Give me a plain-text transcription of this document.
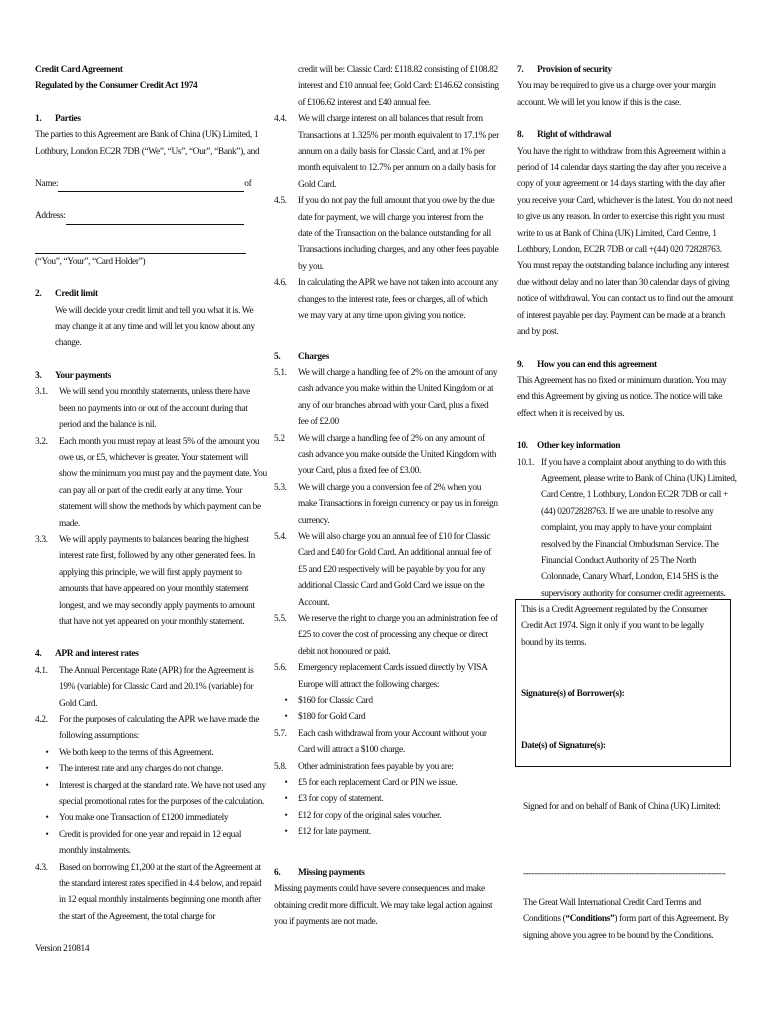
Credit Card Agreement

Regulated by the Consumer Credit Act 1974

1.	Parties

The parties to this Agreement are Bank of China (UK) Limited, 1 Lothbury, London EC2R 7DB (“We”, “Us”, “Our”, “Bank”), and

Name:	of
Address:

(“You”, “Your”, “Card Holder”)

2.	Credit limit

We will decide your credit limit and tell you what it is. We may change it at any time and will let you know about any change.

3.	Your payments
3.1.	We will send you monthly statements, unless there have been no payments into or out of the account during that period and the balance is nil.
3.2.	Each month you must repay at least 5% of the amount you owe us, or £5, whichever is greater. Your statement will show the minimum you must pay and the payment date. You can pay all or part of the credit early at any time. Your statement will show the methods by which payment can be made.
3.3.	We will apply payments to balances bearing the highest interest rate first, followed by any other generated fees. In applying this principle, we will first apply payment to amounts that have appeared on your monthly statement longest, and we may secondly apply payments to amount that have not yet appeared on your monthly statement.
4.	APR and interest rates
4.1.	The Annual Percentage Rate (APR) for the Agreement is 19% (variable) for Classic Card and 20.1% (variable) for Gold Card.
4.2.	For the purposes of calculating the APR we have made the following assumptions:
•	We both keep to the terms of this Agreement.
•	The interest rate and any charges do not change.
•	Interest is charged at the standard rate. We have not used any special promotional rates for the purposes of the calculation.
•	You make one Transaction of £1200 immediately
•	Credit is provided for one year and repaid in 12 equal monthly instalments.
4.3.	Based on borrowing £1,200 at the start of the Agreement at the standard interest rates specified in 4.4 below, and repaid in 12 equal monthly instalments beginning one month after the start of the Agreement, the total charge for
Version 210814

credit will be: Classic Card: £118.82 consisting of £108.82 interest and £10 annual fee; Gold Card: £146.62 consisting of £106.62 interest and £40 annual fee.

4.4.	We will charge interest on all balances that result from Transactions at 1.325% per month equivalent to 17.1% per annum on a daily basis for Classic Card, and at 1% per month equivalent to 12.7% per annum on a daily basis for Gold Card.
4.5.	If you do not pay the full amount that you owe by the due date for payment, we will charge you interest from the date of the Transaction on the balance outstanding for all Transactions including charges, and any other fees payable by you.
4.6.	In calculating the APR we have not taken into account any changes to the interest rate, fees or charges, all of which we may vary at any time upon giving you notice.
5.	Charges
5.1.	We will charge a handling fee of 2% on the amount of any cash advance you make within the United Kingdom or at any of our branches abroad with your Card, plus a fixed fee of £2.00
5.2	We will charge a handling fee of 2% on any amount of cash advance you make outside the United Kingdom with your Card, plus a fixed fee of £3.00.
5.3.	We will charge you a conversion fee of 2% when you make Transactions in foreign currency or pay us in foreign currency.
5.4.	We will also charge you an annual fee of £10 for Classic Card and £40 for Gold Card. An additional annual fee of £5 and £20 respectively will be payable by you for any additional Classic Card and Gold Card we issue on the Account.
5.5.	We reserve the right to charge you an administration fee of £25 to cover the cost of processing any cheque or direct debit not honoured or paid.
5.6.	Emergency replacement Cards issued directly by VISA Europe will attract the following charges:
•	$160 for Classic Card
•	$180 for Gold Card
5.7.	Each cash withdrawal from your Account without your Card will attract a $100 charge.
5.8.	Other administration fees payable by you are:
•	£5 for each replacement Card or PIN we issue.
•	£3 for copy of statement.
•	£12 for copy of the original sales voucher.
•	£12 for late payment.
6.	Missing payments

Missing payments could have severe consequences and make obtaining credit more difficult. We may take legal action against you if payments are not made.

7.	Provision of security

You may be required to give us a charge over your margin account. We will let you know if this is the case.

8.	Right of withdrawal

You have the right to withdraw from this Agreement within a period of 14 calendar days starting the day after you receive a copy of your agreement or 14 days starting with the day after you receive your Card, whichever is the latest. You do not need to give us any reason. In order to exercise this right you must write to us at Bank of China (UK) Limited, Card Centre, 1 Lothbury, London, EC2R 7DB or call +(44) 020 72828763. You must repay the outstanding balance including any interest due without delay and no later than 30 calendar days of giving notice of withdrawal. You can contact us to find out the amount of interest payable per day. Payment can be made at a branch and by post.

9.	How you can end this agreement

This Agreement has no fixed or minimum duration. You may end this Agreement by giving us notice. The notice will take effect when it is received by us.

10. Other key information
10.1. If you have a complaint about anything to do with this Agreement, please write to Bank of China (UK) Limited, Card Centre, 1 Lothbury, London EC2R 7DB or call +(44) 02072828763. If we are unable to resolve any complaint, you may apply to have your complaint resolved by the Financial Ombudsman Service. The Financial Conduct Authority of 25 The North Colonnade, Canary Wharf, London, E14 5HS is the supervisory authority for consumer credit agreements.

This is a Credit Agreement regulated by the Consumer Credit Act 1974. Sign it only if you want to be legally bound by its terms.

Signature(s) of Borrower(s):

Date(s) of Signature(s):

Signed for and on behalf of Bank of China (UK) Limited:

-------------------------------------------------------------------------

The Great Wall International Credit Card Terms and Conditions (“Conditions”) form part of this Agreement. By signing above you agree to be bound by the Conditions.
